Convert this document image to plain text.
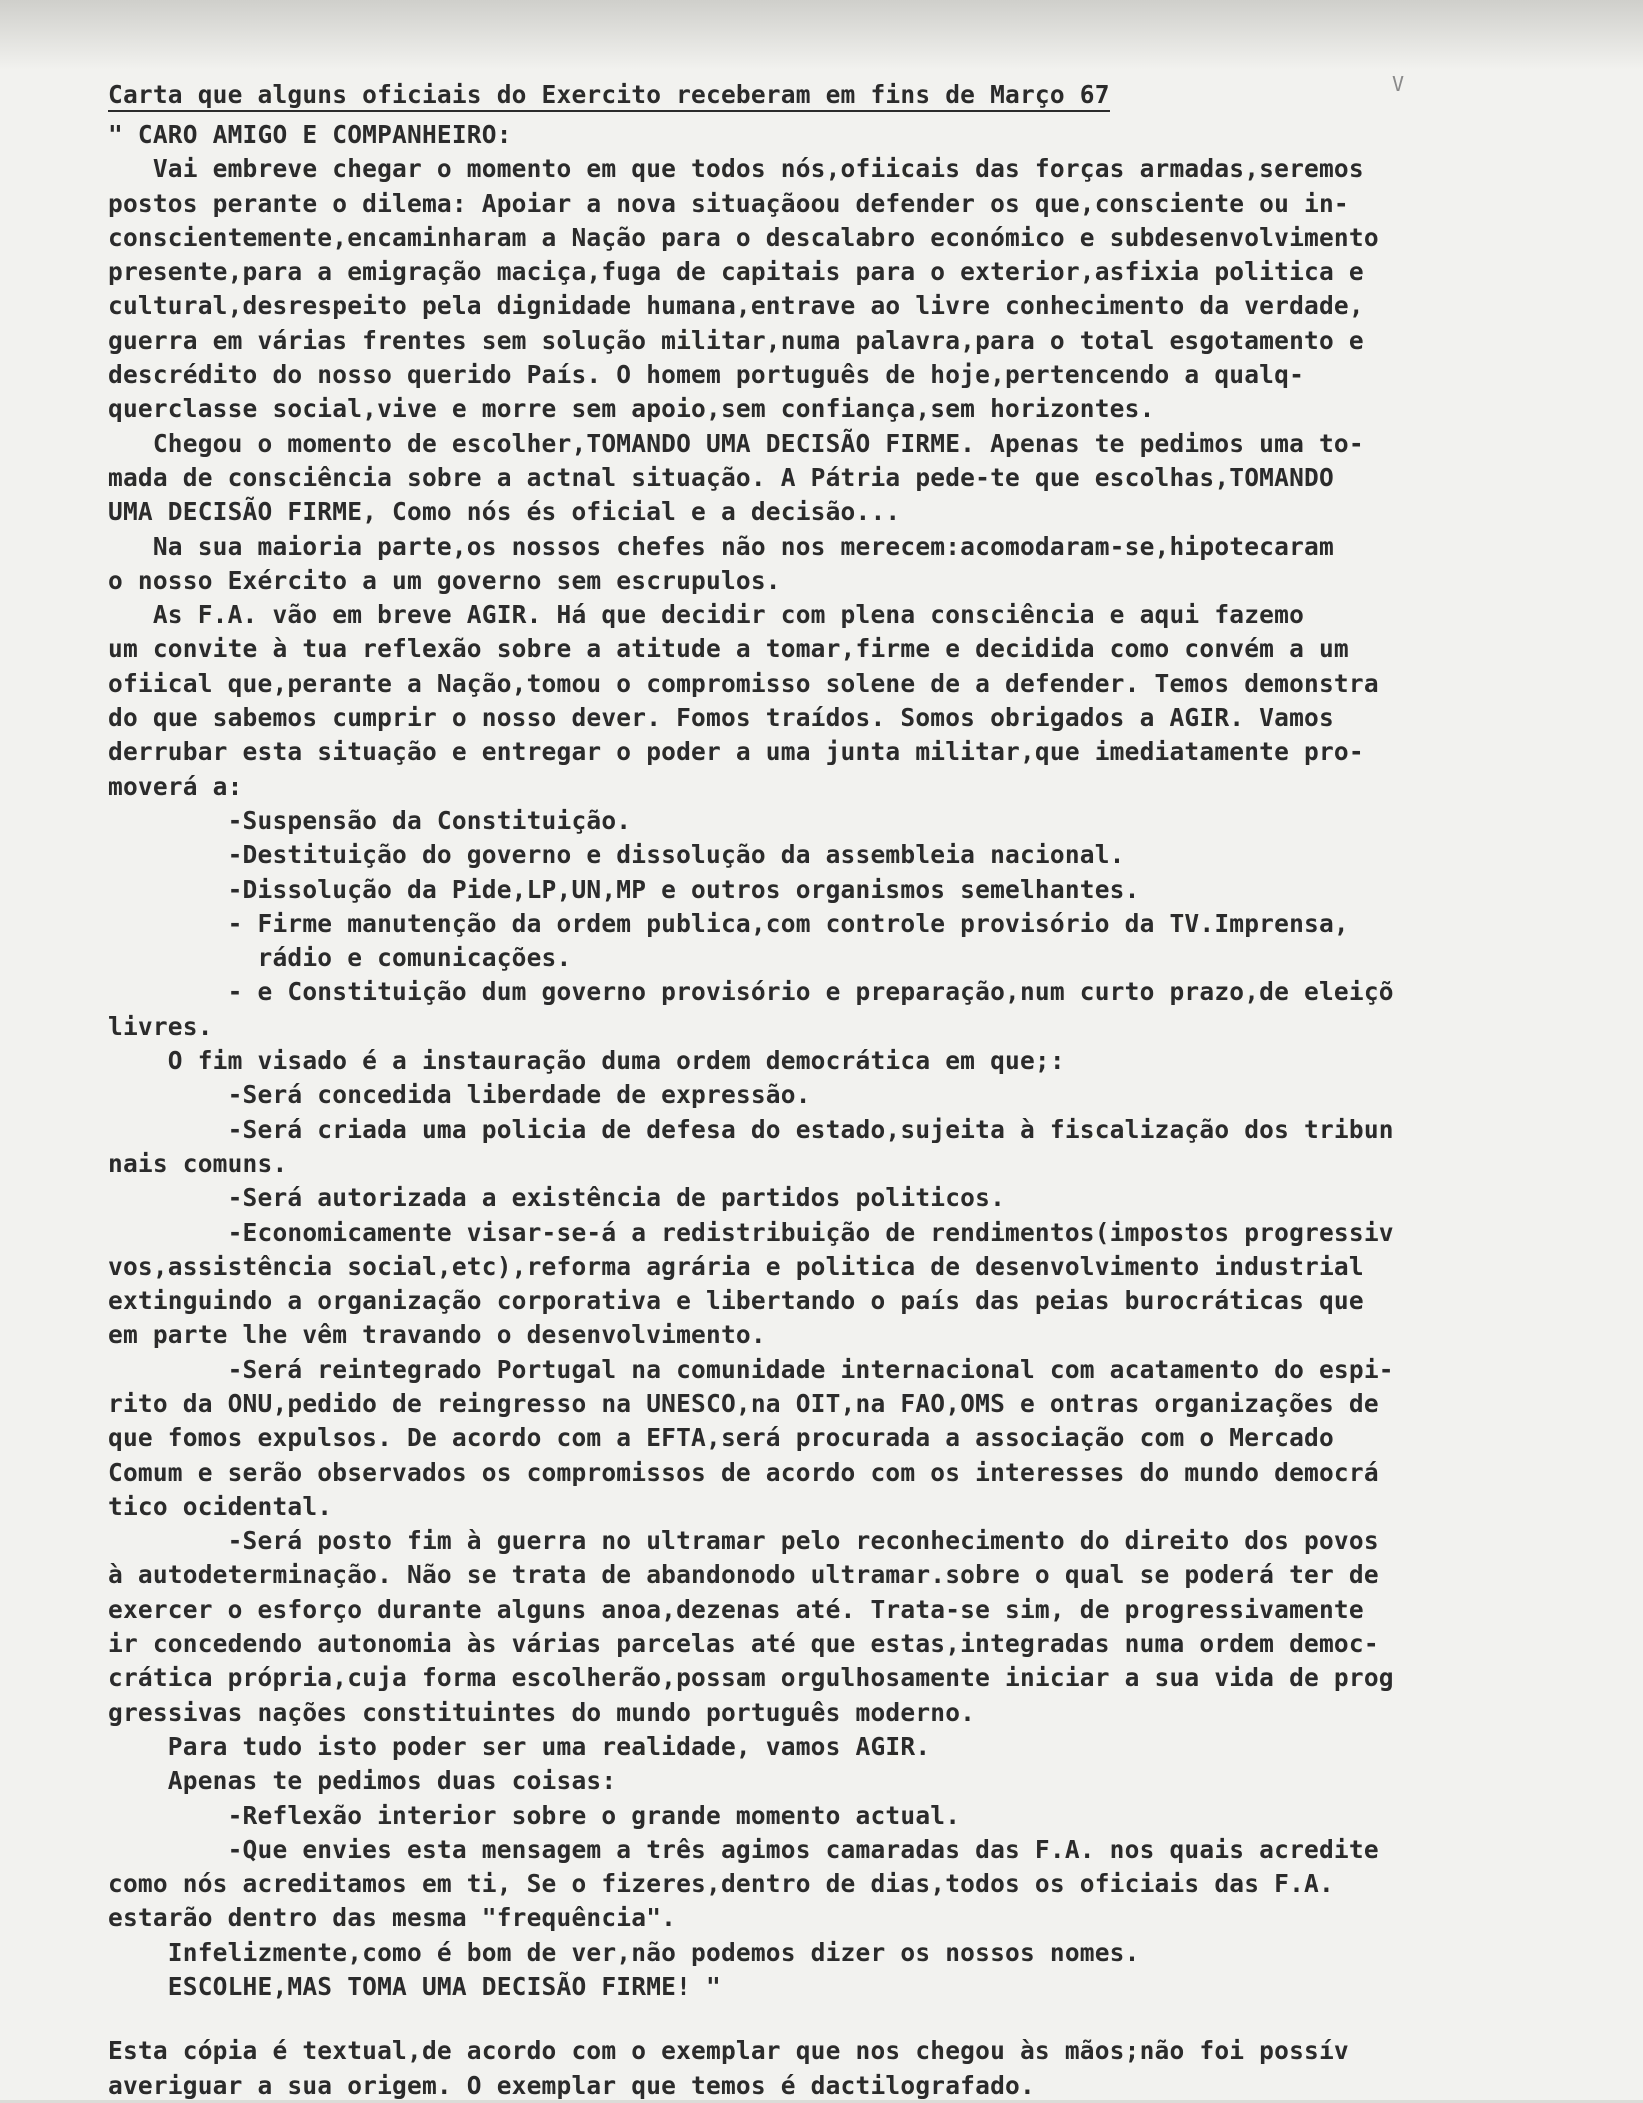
V
Carta que alguns oficiais do Exercito receberam em fins de Março 67
" CARO AMIGO E COMPANHEIRO:
Vai embreve chegar o momento em que todos nós,ofiicais das forças armadas,seremos
postos perante o dilema: Apoiar a nova situaçãoou defender os que,consciente ou in-
conscientemente,encaminharam a Nação para o descalabro económico e subdesenvolvimento
presente,para a emigração maciça,fuga de capitais para o exterior,asfixia politica e
cultural,desrespeito pela dignidade humana,entrave ao livre conhecimento da verdade,
guerra em várias frentes sem solução militar,numa palavra,para o total esgotamento e
descrédito do nosso querido País. O homem português de hoje,pertencendo a qualq-
querclasse social,vive e morre sem apoio,sem confiança,sem horizontes.
Chegou o momento de escolher,TOMANDO UMA DECISÃO FIRME. Apenas te pedimos uma to-
mada de consciência sobre a actnal situação. A Pátria pede-te que escolhas,TOMANDO
UMA DECISÃO FIRME, Como nós és oficial e a decisão...
Na sua maioria parte,os nossos chefes não nos merecem:acomodaram-se,hipotecaram
o nosso Exército a um governo sem escrupulos.
As F.A. vão em breve AGIR. Há que decidir com plena consciência e aqui fazemo
um convite à tua reflexão sobre a atitude a tomar,firme e decidida como convém a um
ofiical que,perante a Nação,tomou o compromisso solene de a defender. Temos demonstra
do que sabemos cumprir o nosso dever. Fomos traídos. Somos obrigados a AGIR. Vamos
derrubar esta situação e entregar o poder a uma junta militar,que imediatamente pro-
moverá a:
-Suspensão da Constituição.
-Destituição do governo e dissolução da assembleia nacional.
-Dissolução da Pide,LP,UN,MP e outros organismos semelhantes.
- Firme manutenção da ordem publica,com controle provisório da TV.Imprensa,
rádio e comunicações.
- e Constituição dum governo provisório e preparação,num curto prazo,de eleiçõ
livres.
O fim visado é a instauração duma ordem democrática em que;:
-Será concedida liberdade de expressão.
-Será criada uma policia de defesa do estado,sujeita à fiscalização dos tribun
nais comuns.
-Será autorizada a existência de partidos politicos.
-Economicamente visar-se-á a redistribuição de rendimentos(impostos progressiv
vos,assistência social,etc),reforma agrária e politica de desenvolvimento industrial
extinguindo a organização corporativa e libertando o país das peias burocráticas que
em parte lhe vêm travando o desenvolvimento.
-Será reintegrado Portugal na comunidade internacional com acatamento do espi-
rito da ONU,pedido de reingresso na UNESCO,na OIT,na FAO,OMS e ontras organizações de
que fomos expulsos. De acordo com a EFTA,será procurada a associação com o Mercado
Comum e serão observados os compromissos de acordo com os interesses do mundo democrá
tico ocidental.
-Será posto fim à guerra no ultramar pelo reconhecimento do direito dos povos
à autodeterminação. Não se trata de abandonodo ultramar.sobre o qual se poderá ter de
exercer o esforço durante alguns anoa,dezenas até. Trata-se sim, de progressivamente
ir concedendo autonomia às várias parcelas até que estas,integradas numa ordem democ-
crática própria,cuja forma escolherão,possam orgulhosamente iniciar a sua vida de prog
gressivas nações constituintes do mundo português moderno.
Para tudo isto poder ser uma realidade, vamos AGIR.
Apenas te pedimos duas coisas:
-Reflexão interior sobre o grande momento actual.
-Que envies esta mensagem a três agimos camaradas das F.A. nos quais acredite
como nós acreditamos em ti, Se o fizeres,dentro de dias,todos os oficiais das F.A.
estarão dentro das mesma "frequência".
Infelizmente,como é bom de ver,não podemos dizer os nossos nomes.
ESCOLHE,MAS TOMA UMA DECISÃO FIRME! "
Esta cópia é textual,de acordo com o exemplar que nos chegou às mãos;não foi possív
averiguar a sua origem. O exemplar que temos é dactilografado.
